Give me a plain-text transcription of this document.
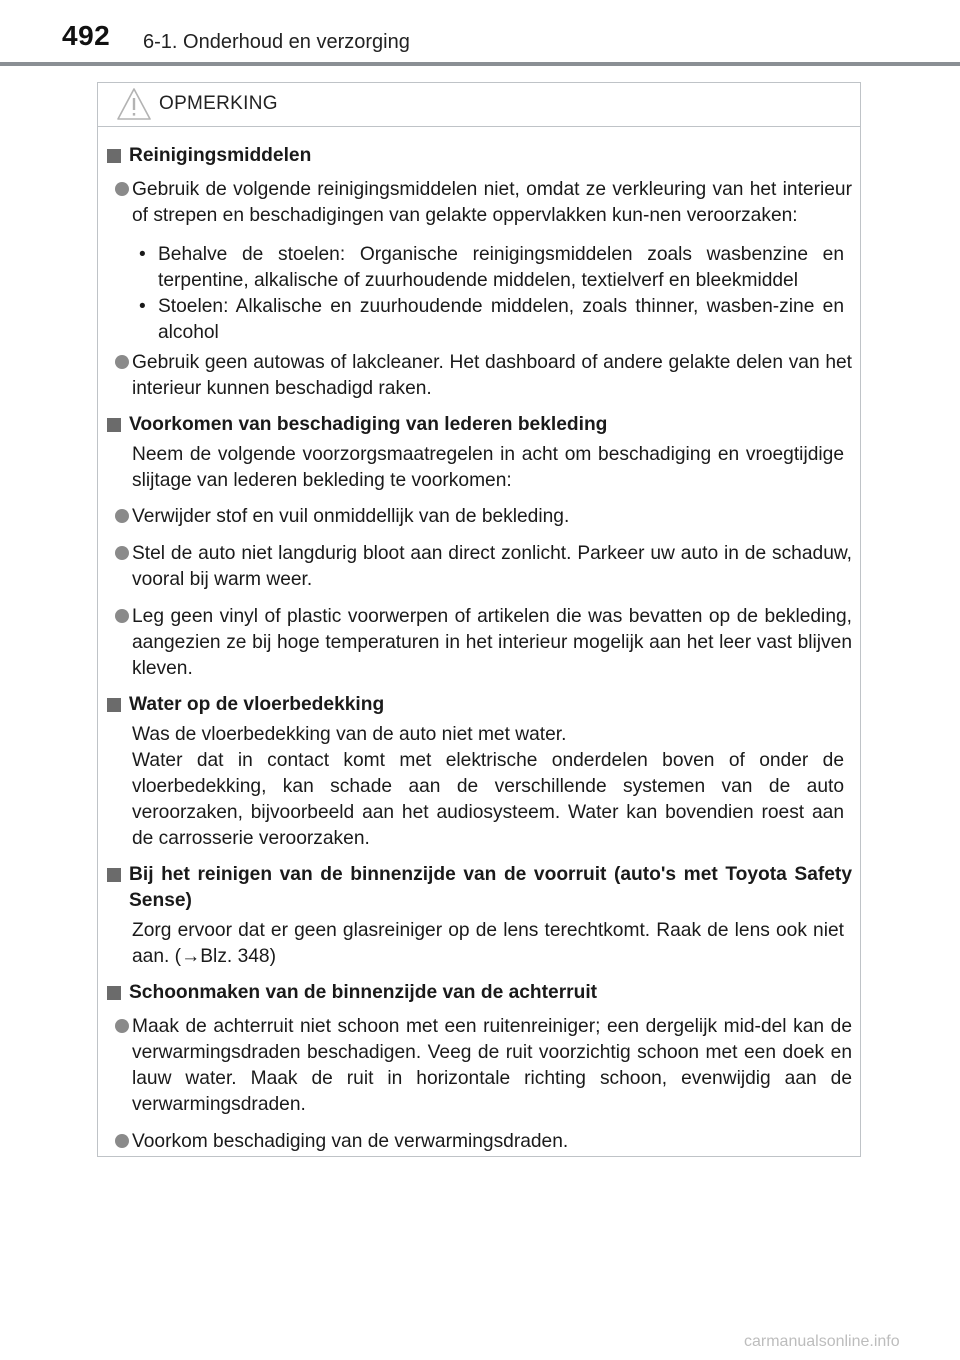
492 6-1. Onderhoud en verzorging
OPMERKING
Reinigingsmiddelen
Gebruik de volgende reinigingsmiddelen niet, omdat ze verkleuring van het interieur of strepen en beschadigingen van gelakte oppervlakken kun-nen veroorzaken:
• Behalve de stoelen: Organische reinigingsmiddelen zoals wasbenzine en terpentine, alkalische of zuurhoudende middelen, textielverf en bleekmiddel
• Stoelen: Alkalische en zuurhoudende middelen, zoals thinner, wasben-zine en alcohol
Gebruik geen autowas of lakcleaner. Het dashboard of andere gelakte delen van het interieur kunnen beschadigd raken.
Voorkomen van beschadiging van lederen bekleding
Neem de volgende voorzorgsmaatregelen in acht om beschadiging en vroegtijdige slijtage van lederen bekleding te voorkomen:
Verwijder stof en vuil onmiddellijk van de bekleding.
Stel de auto niet langdurig bloot aan direct zonlicht. Parkeer uw auto in de schaduw, vooral bij warm weer.
Leg geen vinyl of plastic voorwerpen of artikelen die was bevatten op de bekleding, aangezien ze bij hoge temperaturen in het interieur mogelijk aan het leer vast blijven kleven.
Water op de vloerbedekking
Was de vloerbedekking van de auto niet met water.
Water dat in contact komt met elektrische onderdelen boven of onder de vloerbedekking, kan schade aan de verschillende systemen van de auto veroorzaken, bijvoorbeeld aan het audiosysteem. Water kan bovendien roest aan de carrosserie veroorzaken.
Bij het reinigen van de binnenzijde van de voorruit (auto's met Toyota Safety Sense)
Zorg ervoor dat er geen glasreiniger op de lens terechtkomt. Raak de lens ook niet aan. (→Blz. 348)
Schoonmaken van de binnenzijde van de achterruit
Maak de achterruit niet schoon met een ruitenreiniger; een dergelijk mid-del kan de verwarmingsdraden beschadigen. Veeg de ruit voorzichtig schoon met een doek en lauw water. Maak de ruit in horizontale richting schoon, evenwijdig aan de verwarmingsdraden.
Voorkom beschadiging van de verwarmingsdraden.
carmanualsonline.info
